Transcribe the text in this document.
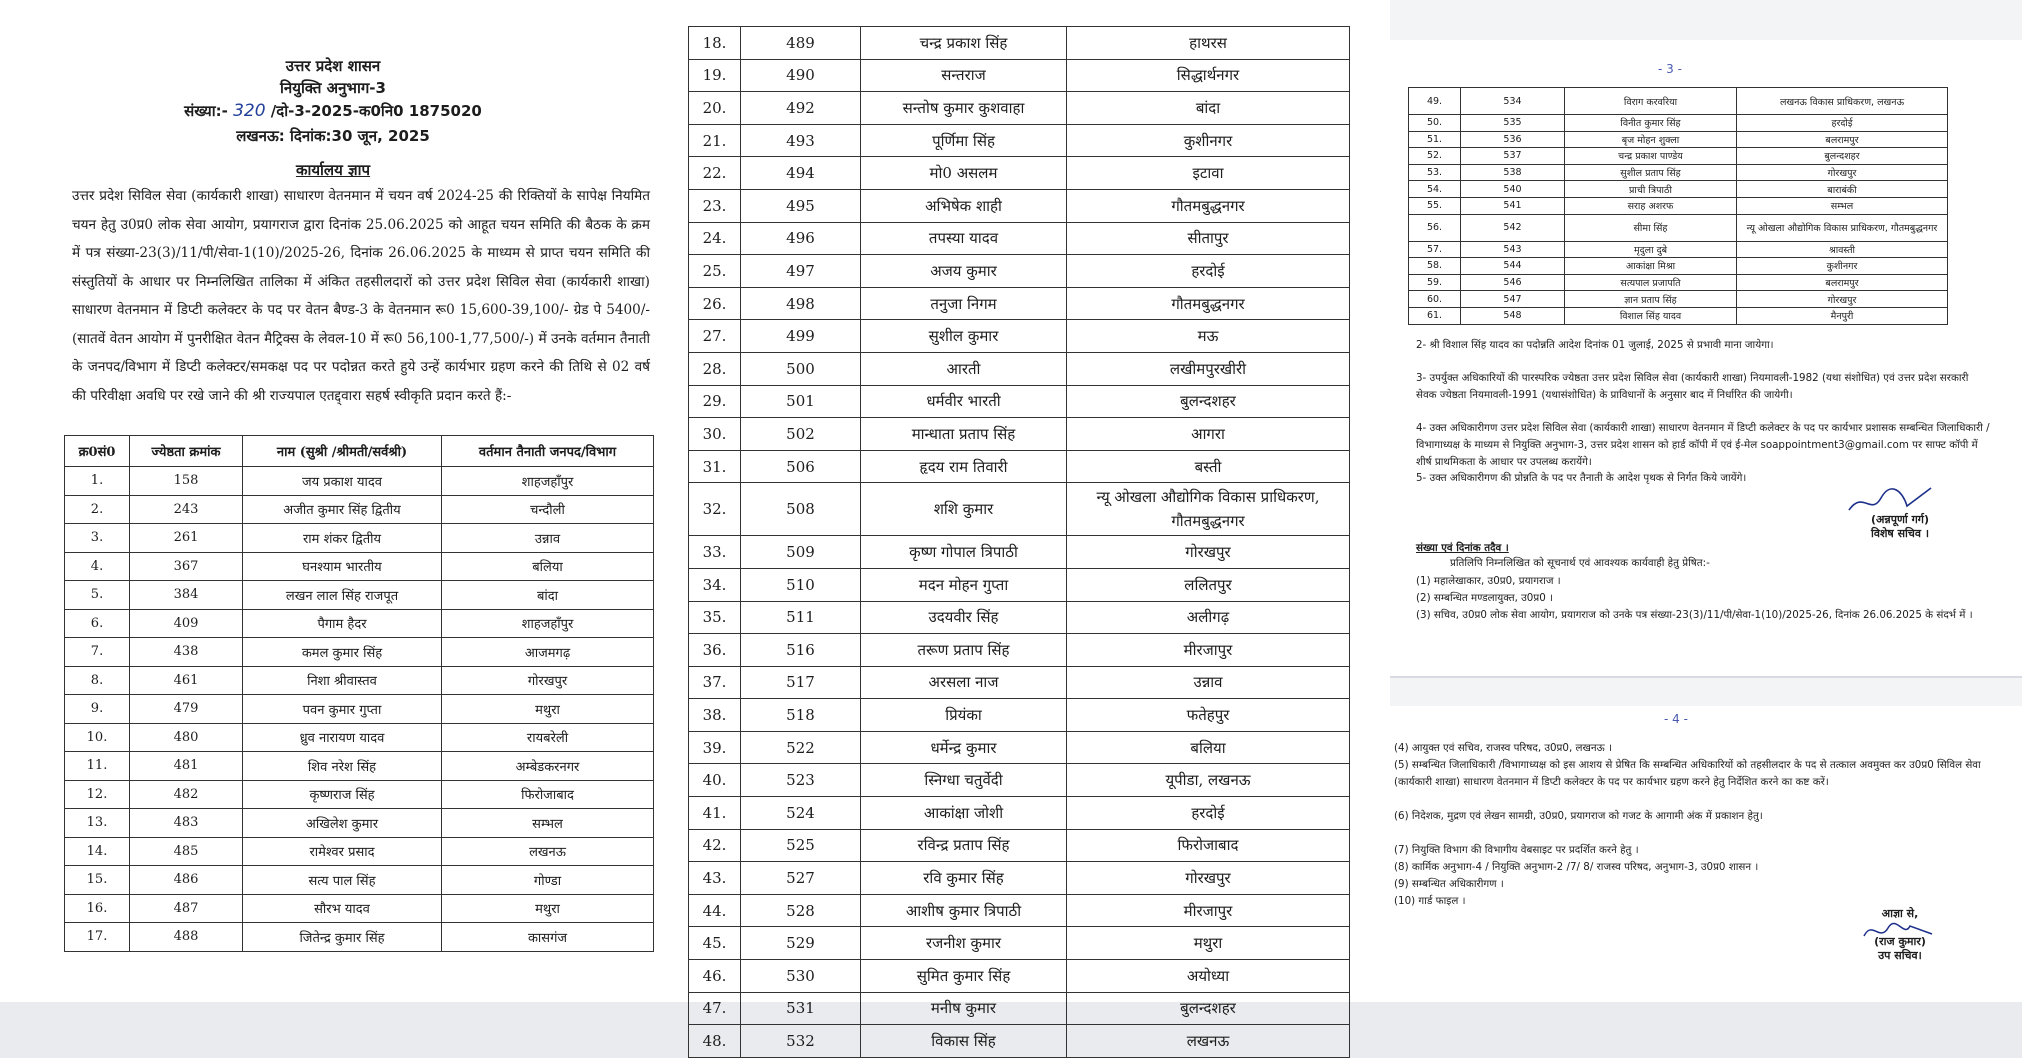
उत्तर प्रदेश शासन
नियुक्ति अनुभाग-3
संख्या:- 320 /दो-3-2025-क0नि0 1875020
लखनऊ: दिनांक:30 जून, 2025
कार्यालय ज्ञाप
उत्तर प्रदेश सिविल सेवा (कार्यकारी शाखा) साधारण वेतनमान में चयन वर्ष 2024-25 की रिक्तियों के सापेक्ष नियमित चयन हेतु उ0प्र0 लोक सेवा आयोग, प्रयागराज द्वारा दिनांक 25.06.2025 को आहूत चयन समिति की बैठक के क्रम में पत्र संख्या-23(3)/11/पी/सेवा-1(10)/2025-26, दिनांक 26.06.2025 के माध्यम से प्राप्त चयन समिति की संस्तुतियों के आधार पर निम्नलिखित तालिका में अंकित तहसीलदारों को उत्तर प्रदेश सिविल सेवा (कार्यकारी शाखा) साधारण वेतनमान में डिप्टी कलेक्टर के पद पर वेतन बैण्ड-3 के वेतनमान रू0 15,600-39,100/- ग्रेड पे 5400/- (सातवें वेतन आयोग में पुनरीक्षित वेतन मैट्रिक्स के लेवल-10 में रू0 56,100-1,77,500/-) में उनके वर्तमान तैनाती के जनपद/विभाग में डिप्टी कलेक्टर/समकक्ष पद पर पदोन्नत करते हुये उन्हें कार्यभार ग्रहण करने की तिथि से 02 वर्ष की परिवीक्षा अवधि पर रखे जाने की श्री राज्यपाल एतद्द्वारा सहर्ष स्वीकृति प्रदान करते हैं:-
क्र0सं0	ज्येष्ठता क्रमांक	नाम (सुश्री /श्रीमती/सर्वश्री)	वर्तमान तैनाती जनपद/विभाग
1.	158	जय प्रकाश यादव	शाहजहाँपुर
2.	243	अजीत कुमार सिंह द्वितीय	चन्दौली
3.	261	राम शंकर द्वितीय	उन्नाव
4.	367	घनश्याम भारतीय	बलिया
5.	384	लखन लाल सिंह राजपूत	बांदा
6.	409	पैगाम हैदर	शाहजहाँपुर
7.	438	कमल कुमार सिंह	आजमगढ़
8.	461	निशा श्रीवास्तव	गोरखपुर
9.	479	पवन कुमार गुप्ता	मथुरा
10.	480	ध्रुव नारायण यादव	रायबरेली
11.	481	शिव नरेश सिंह	अम्बेडकरनगर
12.	482	कृष्णराज सिंह	फिरोजाबाद
13.	483	अखिलेश कुमार	सम्भल
14.	485	रामेश्वर प्रसाद	लखनऊ
15.	486	सत्य पाल सिंह	गोण्डा
16.	487	सौरभ यादव	मथुरा
17.	488	जितेन्द्र कुमार सिंह	कासगंज
18.	489	चन्द्र प्रकाश सिंह	हाथरस
19.	490	सन्तराज	सिद्धार्थनगर
20.	492	सन्तोष कुमार कुशवाहा	बांदा
21.	493	पूर्णिमा सिंह	कुशीनगर
22.	494	मो0 असलम	इटावा
23.	495	अभिषेक शाही	गौतमबुद्धनगर
24.	496	तपस्या यादव	सीतापुर
25.	497	अजय कुमार	हरदोई
26.	498	तनुजा निगम	गौतमबुद्धनगर
27.	499	सुशील कुमार	मऊ
28.	500	आरती	लखीमपुरखीरी
29.	501	धर्मवीर भारती	बुलन्दशहर
30.	502	मान्धाता प्रताप सिंह	आगरा
31.	506	हृदय राम तिवारी	बस्ती
32.	508	शशि कुमार	न्यू ओखला औद्योगिक विकास प्राधिकरण, गौतमबुद्धनगर
33.	509	कृष्ण गोपाल त्रिपाठी	गोरखपुर
34.	510	मदन मोहन गुप्ता	ललितपुर
35.	511	उदयवीर सिंह	अलीगढ़
36.	516	तरूण प्रताप सिंह	मीरजापुर
37.	517	अरसला नाज	उन्नाव
38.	518	प्रियंका	फतेहपुर
39.	522	धर्मेन्द्र कुमार	बलिया
40.	523	स्निग्धा चतुर्वेदी	यूपीडा, लखनऊ
41.	524	आकांक्षा जोशी	हरदोई
42.	525	रविन्द्र प्रताप सिंह	फिरोजाबाद
43.	527	रवि कुमार सिंह	गोरखपुर
44.	528	आशीष कुमार त्रिपाठी	मीरजापुर
45.	529	रजनीश कुमार	मथुरा
46.	530	सुमित कुमार सिंह	अयोध्या
47.	531	मनीष कुमार	बुलन्दशहर
48.	532	विकास सिंह	लखनऊ
- 3 -
49.	534	विराग करवरिया	लखनऊ विकास प्राधिकरण, लखनऊ
50.	535	विनीत कुमार सिंह	हरदोई
51.	536	बृज मोहन शुक्ला	बलरामपुर
52.	537	चन्द्र प्रकाश पाण्डेय	बुलन्दशहर
53.	538	सुशील प्रताप सिंह	गोरखपुर
54.	540	प्राची त्रिपाठी	बाराबंकी
55.	541	सराह अशरफ	सम्भल
56.	542	सीमा सिंह	न्यू ओखला औद्योगिक विकास प्राधिकरण, गौतमबुद्धनगर
57.	543	मृदुला दुबे	श्रावस्ती
58.	544	आकांक्षा मिश्रा	कुशीनगर
59.	546	सत्यपाल प्रजापति	बलरामपुर
60.	547	ज्ञान प्रताप सिंह	गोरखपुर
61.	548	विशाल सिंह यादव	मैनपुरी
2- श्री विशाल सिंह यादव का पदोन्नति आदेश दिनांक 01 जुलाई, 2025 से प्रभावी माना जायेगा।
3- उपर्युक्त अधिकारियों की पारस्परिक ज्येष्ठता उत्तर प्रदेश सिविल सेवा (कार्यकारी शाखा) नियमावली-1982 (यथा संशोधित) एवं उत्तर प्रदेश सरकारी सेवक ज्येष्ठता नियमावली-1991 (यथासंशोधित) के प्राविधानों के अनुसार बाद में निर्धारित की जायेगी।
4- उक्त अधिकारीगण उत्तर प्रदेश सिविल सेवा (कार्यकारी शाखा) साधारण वेतनमान में डिप्टी कलेक्टर के पद पर कार्यभार प्रशासक सम्बन्धित जिलाधिकारी / विभागाध्यक्ष के माध्यम से नियुक्ति अनुभाग-3, उत्तर प्रदेश शासन को हार्ड कॉपी में एवं ई-मेल soappointment3@gmail.com पर साफ्ट कॉपी में शीर्ष प्राथमिकता के आधार पर उपलब्ध करायेंगे।
5- उक्त अधिकारीगण की प्रोन्नति के पद पर तैनाती के आदेश पृथक से निर्गत किये जायेंगे।
(अन्नपूर्णा गर्ग)
विशेष सचिव ।
संख्या एवं दिनांक तदैव ।
प्रतिलिपि निम्नलिखित को सूचनार्थ एवं आवश्यक कार्यवाही हेतु प्रेषित:-
(1) महालेखाकार, उ0प्र0, प्रयागराज ।
(2) सम्बन्धित मण्डलायुक्त, उ0प्र0 ।
(3) सचिव, उ0प्र0 लोक सेवा आयोग, प्रयागराज को उनके पत्र संख्या-23(3)/11/पी/सेवा-1(10)/2025-26, दिनांक 26.06.2025 के संदर्भ में ।
- 4 -
(4) आयुक्त एवं सचिव, राजस्व परिषद, उ0प्र0, लखनऊ ।
(5) सम्बन्धित जिलाधिकारी /विभागाध्यक्ष को इस आशय से प्रेषित कि सम्बन्धित अधिकारियों को तहसीलदार के पद से तत्काल अवमुक्त कर उ0प्र0 सिविल सेवा (कार्यकारी शाखा) साधारण वेतनमान में डिप्टी कलेक्टर के पद पर कार्यभार ग्रहण करने हेतु निर्देशित करने का कष्ट करें।
(6) निदेशक, मुद्रण एवं लेखन सामग्री, उ0प्र0, प्रयागराज को गजट के आगामी अंक में प्रकाशन हेतु।
(7) नियुक्ति विभाग की विभागीय वेबसाइट पर प्रदर्शित करने हेतु ।
(8) कार्मिक अनुभाग-4 / नियुक्ति अनुभाग-2 /7/ 8/ राजस्व परिषद, अनुभाग-3, उ0प्र0 शासन ।
(9) सम्बन्धित अधिकारीगण ।
(10) गार्ड फाइल ।
आज्ञा से,
(राज कुमार)
उप सचिव।
